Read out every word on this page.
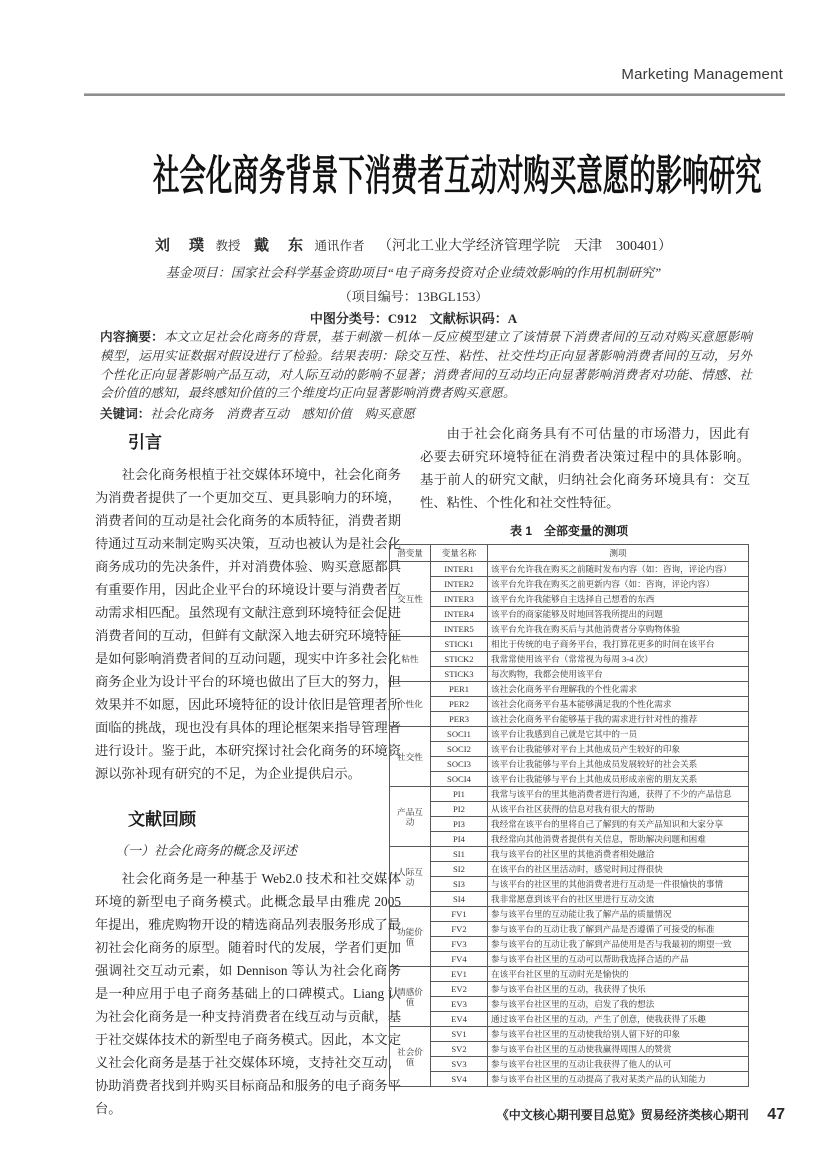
Marketing Management
社会化商务背景下消费者互动对购买意愿的影响研究
刘　璞 教授 戴　东 通讯作者 （河北工业大学经济管理学院　天津　300401）
基金项目：国家社会科学基金资助项目“电子商务投资对企业绩效影响的作用机制研究”
（项目编号：13BGL153）
中图分类号：C912　文献标识码：A
内容摘要：本文立足社会化商务的背景，基于刺激－机体－反应模型建立了该情景下消费者间的互动对购买意愿影响模型，运用实证数据对假设进行了检验。结果表明：除交互性、粘性、社交性均正向显著影响消费者间的互动，另外个性化正向显著影响产品互动，对人际互动的影响不显著；消费者间的互动均正向显著影响消费者对功能、情感、社会价值的感知，最终感知价值的三个维度均正向显著影响消费者购买意愿。
关键词：社会化商务　消费者互动　感知价值　购买意愿
引言

社会化商务根植于社交媒体环境中，社会化商务为消费者提供了一个更加交互、更具影响力的环境，消费者间的互动是社会化商务的本质特征，消费者期待通过互动来制定购买决策，互动也被认为是社会化商务成功的先决条件，并对消费体验、购买意愿都具有重要作用，因此企业平台的环境设计要与消费者互动需求相匹配。虽然现有文献注意到环境特征会促进消费者间的互动，但鲜有文献深入地去研究环境特征是如何影响消费者间的互动问题，现实中许多社会化商务企业为设计平台的环境也做出了巨大的努力，但效果并不如愿，因此环境特征的设计依旧是管理者所面临的挑战，现也没有具体的理论框架来指导管理者进行设计。鉴于此，本研究探讨社会化商务的环境资源以弥补现有研究的不足，为企业提供启示。

文献回顾
（一）社会化商务的概念及评述

社会化商务是一种基于 Web2.0 技术和社交媒体环境的新型电子商务模式。此概念最早由雅虎 2005 年提出，雅虎购物开设的精选商品列表服务形成了最初社会化商务的原型。随着时代的发展，学者们更加强调社交互动元素，如 Dennison 等认为社会化商务是一种应用于电子商务基础上的口碑模式。Liang 认为社会化商务是一种支持消费者在线互动与贡献，基于社交媒体技术的新型电子商务模式。因此，本文定义社会化商务是基于社交媒体环境，支持社交互动，协助消费者找到并购买目标商品和服务的电子商务平台。

由于社会化商务具有不可估量的市场潜力，因此有必要去研究环境特征在消费者决策过程中的具体影响。基于前人的研究文献，归纳社会化商务环境具有：交互性、粘性、个性化和社交性特征。

表 1　全部变量的测项
潜变量	变量名称	测项
交互性	INTER1	该平台允许我在购买之前随时发布内容（如：咨询，评论内容）
	INTER2	该平台允许我在购买之前更新内容（如：咨询，评论内容）
	INTER3	该平台允许我能够自主选择自己想看的东西
	INTER4	该平台的商家能够及时地回答我所提出的问题
	INTER5	该平台允许我在购买后与其他消费者分享购物体验
粘性	STICK1	相比于传统的电子商务平台，我打算花更多的时间在该平台
	STICK2	我常常使用该平台（常常视为每周 3-4 次）
	STICK3	每次购物，我都会使用该平台
个性化	PER1	该社会化商务平台理解我的个性化需求
	PER2	该社会化商务平台基本能够满足我的个性化需求
	PER3	该社会化商务平台能够基于我的需求进行针对性的推荐
社交性	SOCI1	该平台让我感到自己就是它其中的一员
	SOCI2	该平台让我能够对平台上其他成员产生较好的印象
	SOCI3	该平台让我能够与平台上其他成员发展较好的社会关系
	SOCI4	该平台让我能够与平台上其他成员形成亲密的朋友关系
产品互动	PI1	我常与该平台的里其他消费者进行沟通，获得了不少的产品信息
	PI2	从该平台社区获得的信息对我有很大的帮助
	PI3	我经常在该平台的里将自己了解到的有关产品知识和大家分享
	PI4	我经常向其他消费者提供有关信息，帮助解决问题和困难
人际互动	SI1	我与该平台的社区里的其他消费者相处融洽
	SI2	在该平台的社区里活动时，感觉时间过得很快
	SI3	与该平台的社区里的其他消费者进行互动是一件很愉快的事情
	SI4	我非常愿意到该平台的社区里进行互动交流
功能价值	FV1	参与该平台里的互动能让我了解产品的质量情况
	FV2	参与该平台的互动让我了解到产品是否遵循了可接受的标准
	FV3	参与该平台的互动让我了解到产品使用是否与我最初的期望一致
	FV4	参与该平台社区里的互动可以帮助我选择合适的产品
情感价值	EV1	在该平台社区里的互动时光是愉快的
	EV2	参与该平台社区里的互动，我获得了快乐
	EV3	参与该平台社区里的互动，启发了我的想法
	EV4	通过该平台社区里的互动，产生了创意，使我获得了乐趣
社会价值	SV1	参与该平台社区里的互动使我给别人留下好的印象
	SV2	参与该平台社区里的互动使我赢得周围人的赞赏
	SV3	参与该平台社区里的互动让我获得了他人的认可
	SV4	参与该平台社区里的互动提高了我对某类产品的认知能力
《中文核心期刊要目总览》贸易经济类核心期刊 47
